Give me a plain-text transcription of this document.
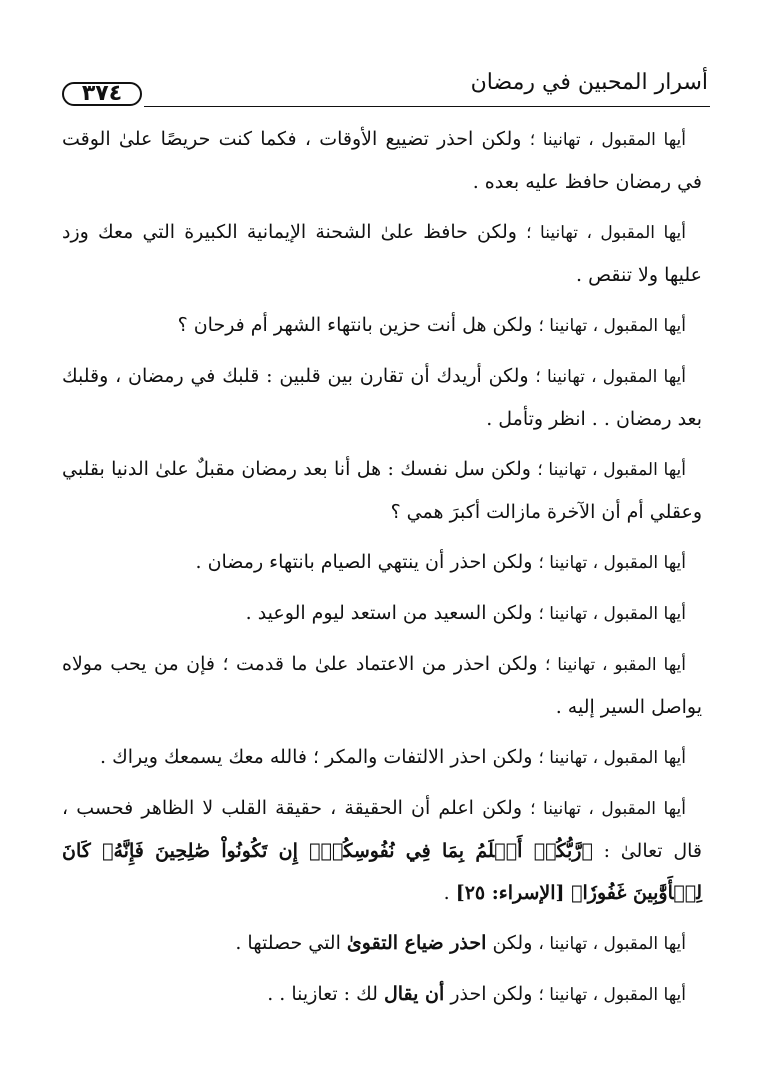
٣٧٤	أسرار المحبين في رمضان

أيها المقبول ، تهانينا ؛ ولكن احذر تضييع الأوقات ، فكما كنت حريصًا علىٰ الوقت في رمضان حافظ عليه بعده .

أيها المقبول ، تهانينا ؛ ولكن حافظ علىٰ الشحنة الإيمانية الكبيرة التي معك وزد عليها ولا تنقص .

أيها المقبول ، تهانينا ؛ ولكن هل أنت حزين بانتهاء الشهر أم فرحان ؟

أيها المقبول ، تهانينا ؛ ولكن أريدك أن تقارن بين قلبين : قلبك في رمضان ، وقلبك بعد رمضان . . انظر وتأمل .

أيها المقبول ، تهانينا ؛ ولكن سل نفسك : هل أنا بعد رمضان مقبلٌ علىٰ الدنيا بقلبي وعقلي أم أن الآخرة مازالت أكبرَ همي ؟

أيها المقبول ، تهانينا ؛ ولكن احذر أن ينتهي الصيام بانتهاء رمضان .

أيها المقبول ، تهانينا ؛ ولكن السعيد من استعد ليوم الوعيد .

أيها المقبو ، تهانينا ؛ ولكن احذر من الاعتماد علىٰ ما قدمت ؛ فإن من يحب مولاه يواصل السير إليه .

أيها المقبول ، تهانينا ؛ ولكن احذر الالتفات والمكر ؛ فالله معك يسمعك ويراك .

أيها المقبول ، تهانينا ؛ ولكن اعلم أن الحقيقة ، حقيقة القلب لا الظاهر فحسب ، قال تعالىٰ : ﴿رَّبُّكُمۡ أَعۡلَمُ بِمَا فِي نُفُوسِكُمۡۚ إِن تَكُونُواْ صَٰلِحِينَ فَإِنَّهُۥ كَانَ لِلۡأَوَّٰبِينَ غَفُورٗا﴾ [الإسراء: ٢٥] .

أيها المقبول ، تهانينا ، ولكن احذر ضياع التقوىٰ التي حصلتها .

أيها المقبول ، تهانينا ؛ ولكن احذر أن يقال لك : تعازينا . .
